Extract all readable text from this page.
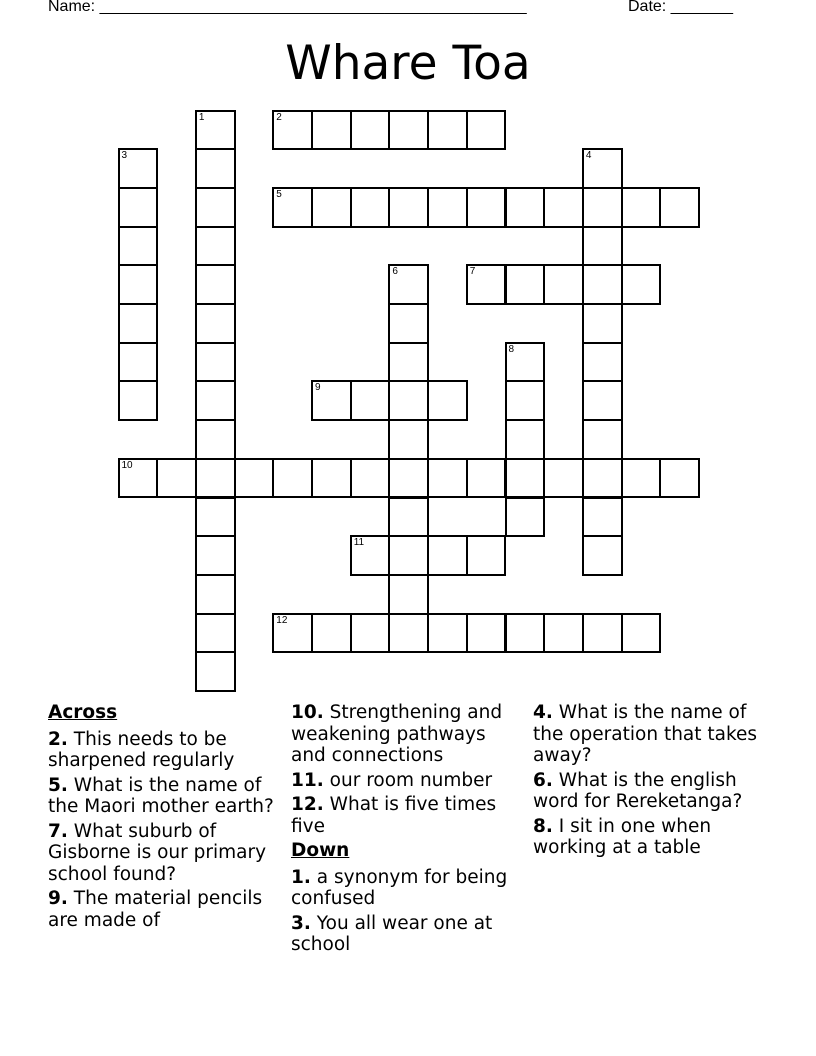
Name: ________________________________________________	Date: _______
Whare Toa
2
5
7
9
10
11
12
1
3	4
6
8
Across
2. This needs to be sharpened regularly
5. What is the name of the Maori mother earth?
7. What suburb of Gisborne is our primary school found?
9. The material pencils are made of
10. Strengthening and weakening pathways and connections
11. our room number
12. What is five times five
Down
1. a synonym for being confused
3. You all wear one at school
4. What is the name of the operation that takes away?
6. What is the english word for Rereketanga?
8. I sit in one when working at a table
